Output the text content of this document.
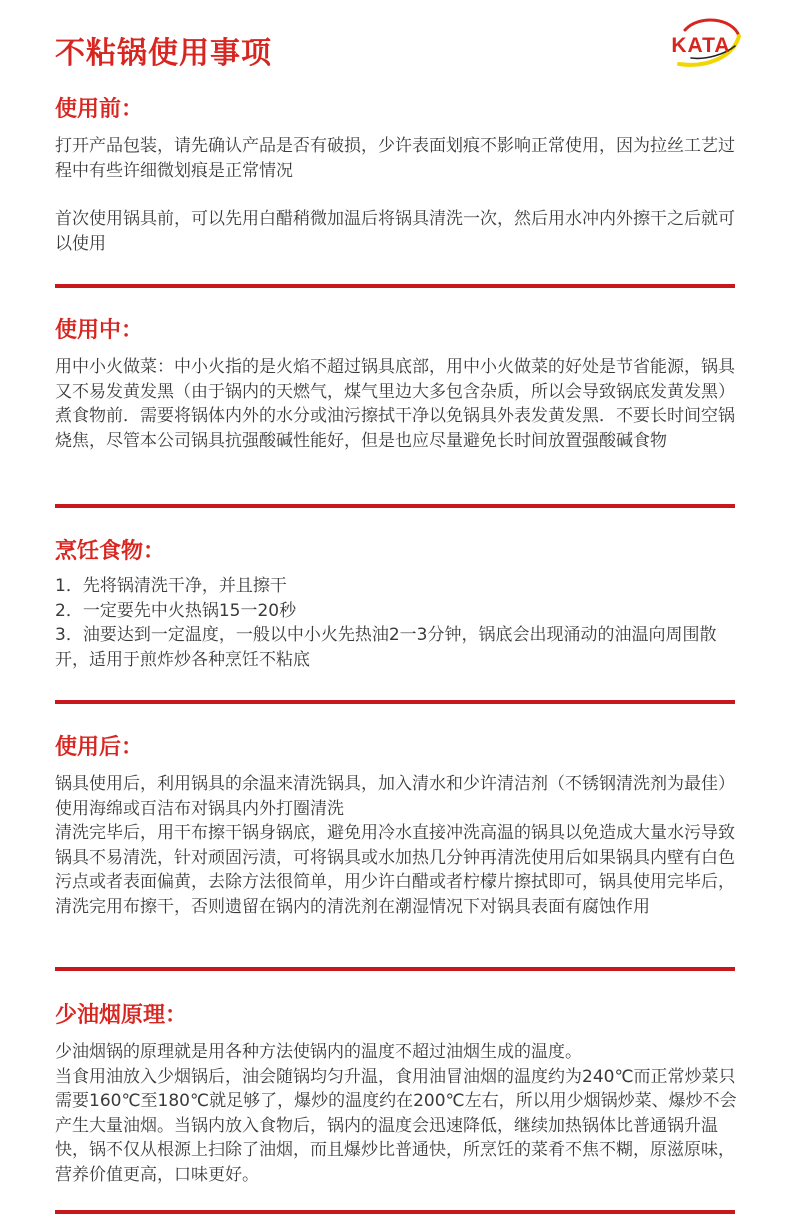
不粘锅使用事项	KATA
使用前：
打开产品包装，请先确认产品是否有破损，少许表面划痕不影响正常使用，因为拉丝工艺过程中有些许细微划痕是正常情况
首次使用锅具前，可以先用白醋稍微加温后将锅具清洗一次，然后用水冲内外擦干之后就可以使用
使用中：
用中小火做菜：中小火指的是火焰不超过锅具底部，用中小火做菜的好处是节省能源，锅具又不易发黄发黑（由于锅内的天燃气，煤气里边大多包含杂质，所以会导致锅底发黄发黑）煮食物前．需要将锅体内外的水分或油污擦拭干净以免锅具外表发黄发黑．不要长时间空锅烧焦，尽管本公司锅具抗强酸碱性能好，但是也应尽量避免长时间放置强酸碱食物
烹饪食物：
1．先将锅清洗干净，并且擦干
2．一定要先中火热锅15一20秒
3．油要达到一定温度，一般以中小火先热油2一3分钟，锅底会出现涌动的油温向周围散开，适用于煎炸炒各种烹饪不粘底
使用后：
锅具使用后，利用锅具的余温来清洗锅具，加入清水和少许清洁剂（不锈钢清洗剂为最佳）使用海绵或百洁布对锅具内外打圈清洗
清洗完毕后，用干布擦干锅身锅底，避免用冷水直接冲洗高温的锅具以免造成大量水污导致锅具不易清洗，针对顽固污渍，可将锅具或水加热几分钟再清洗使用后如果锅具内壁有白色污点或者表面偏黄，去除方法很简单，用少许白醋或者柠檬片擦拭即可，锅具使用完毕后，清洗完用布擦干，否则遗留在锅内的清洗剂在潮湿情况下对锅具表面有腐蚀作用
少油烟原理：
少油烟锅的原理就是用各种方法使锅内的温度不超过油烟生成的温度。
当食用油放入少烟锅后，油会随锅均匀升温，食用油冒油烟的温度约为240℃而正常炒菜只需要160℃至180℃就足够了，爆炒的温度约在200℃左右，所以用少烟锅炒菜、爆炒不会产生大量油烟。当锅内放入食物后，锅内的温度会迅速降低，继续加热锅体比普通锅升温快，锅不仅从根源上扫除了油烟，而且爆炒比普通快，所烹饪的菜肴不焦不糊，原滋原味，营养价值更高，口味更好。
